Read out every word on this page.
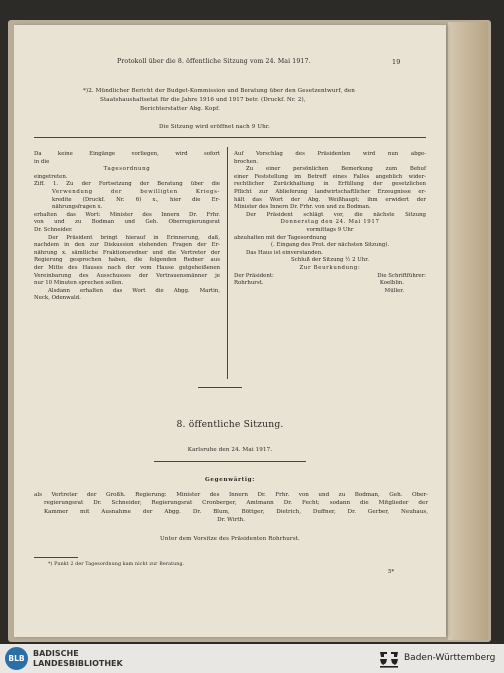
Protokoll über die 8. öffentliche Sitzung vom 24. Mai 1917.	19
*)2. Mündlicher Bericht der Budget-Kommission und Beratung über den Gesetzentwurf, den
Staatshaushaltsetat für die Jahre 1916 und 1917 betr. (Druckf. Nr. 2),
Berichterstatter Abg. Kopf.
Die Sitzung wird eröffnet nach 9 Uhr.
Da keine Eingänge vorliegen, wird sofort
in die
Tagesordnung
eingetreten.
Ziff. 1. Zu der Fortsetzung der Beratung über die
Verwendung der bewilligten Kriegs-
kredite (Druckf. Nr. 6) x., hier die Er-
nährungsfragen x.
erhalten das Wort: Minister des Innern Dr. Frhr.
von und zu Bodman und Geh. Oberregierungsrat
Dr. Schneider.
Der Präsident bringt hierauf in Erinnerung, daß,
nachdem in den zur Diskussion stehenden Fragen der Er-
nährung x. sämtliche Fraktionsredner und die Vertreter der
Regierung gesprochen haben, die folgenden Redner aus
der Mitte des Hauses nach der vom Hause gutgeheißenen
Vereinbarung des Ausschusses der Vertrauensmänner je
nur 10 Minuten sprechen sollen.
Alsdann erhalten das Wort die Abgg. Martin,
Neck, Odenwald.
Auf Vorschlag des Präsidenten wird nun abge-
brochen.
Zu einer persönlichen Bemerkung zum Behuf
einer Feststellung im Betreff eines Falles angeblich wider-
rechtlicher Zurückhaltung in Erfüllung der gesetzlichen
Pflicht zur Ablieferung landwirtschaftlicher Erzeugnisse er-
hält das Wort der Abg. Weißhaupt; ihm erwidert der
Minister des Innern Dr. Frhr. von und zu Bodman.
Der Präsident schlägt vor, die nächste Sitzung
Donnerstag den 24. Mai 1917
vormittags 9 Uhr
abzuhalten mit der Tagesordnung
(. Eingang des Prot. der nächsten Sitzung).
Das Haus ist einverstanden.
Schluß der Sitzung ½ 2 Uhr.
Zur Beurkundung:
Der Präsident:	Die Schriftführer:
Rohrhurst.	Koelblin.
Müller.
8. öffentliche Sitzung.
Karlsruhe den 24. Mai 1917.
Gegenwärtig:
als Vertreter der Großh. Regierung: Minister des Innern Dr. Frhr. von und zu Bodman, Geh. Ober-
regierungsrat Dr. Schneider, Regierungsrat Cronberger, Amtmann Dr. Fecht; sodann die Mitglieder der
Kammer mit Ausnahme der Abgg. Dr. Blum, Böttger, Dietrich, Duffner, Dr. Gerber, Neuhaus,
Dr. Wirth.
Unter dem Vorsitze des Präsidenten Rohrhurst.
*) Punkt 2 der Tagesordnung kam nicht zur Beratung.
5*
BLB
BADISCHE
LANDESBIBLIOTHEK
Baden-Württemberg
